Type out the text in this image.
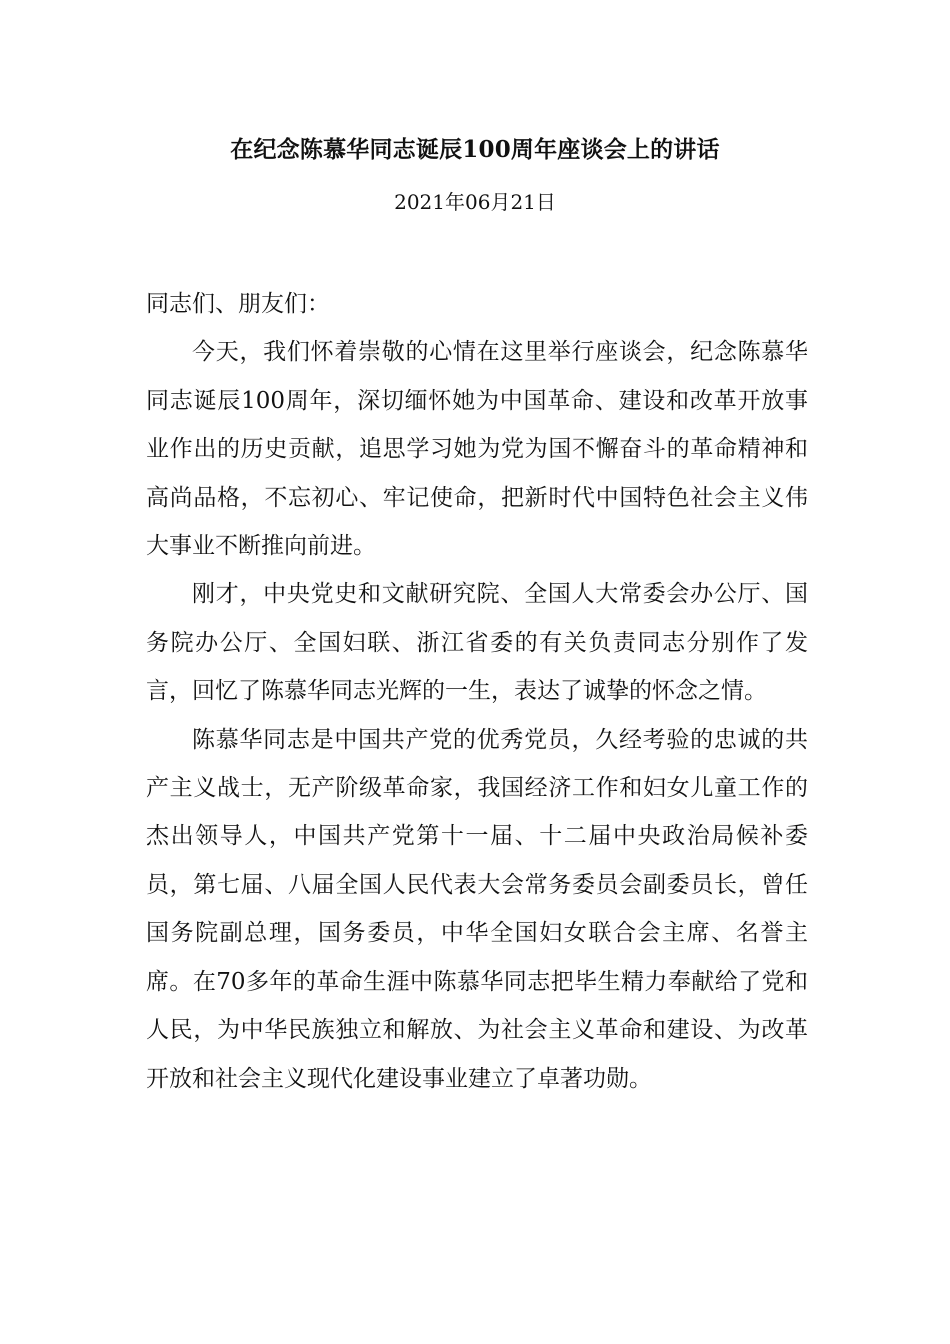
在纪念陈慕华同志诞辰100周年座谈会上的讲话
2021年06月21日

同志们、朋友们：

今天，我们怀着崇敬的心情在这里举行座谈会，纪念陈慕华同志诞辰100周年，深切缅怀她为中国革命、建设和改革开放事业作出的历史贡献，追思学习她为党为国不懈奋斗的革命精神和高尚品格，不忘初心、牢记使命，把新时代中国特色社会主义伟大事业不断推向前进。

刚才，中央党史和文献研究院、全国人大常委会办公厅、国务院办公厅、全国妇联、浙江省委的有关负责同志分别作了发言，回忆了陈慕华同志光辉的一生，表达了诚挚的怀念之情。

陈慕华同志是中国共产党的优秀党员，久经考验的忠诚的共产主义战士，无产阶级革命家，我国经济工作和妇女儿童工作的杰出领导人，中国共产党第十一届、十二届中央政治局候补委员，第七届、八届全国人民代表大会常务委员会副委员长，曾任国务院副总理，国务委员，中华全国妇女联合会主席、名誉主席。在70多年的革命生涯中陈慕华同志把毕生精力奉献给了党和人民，为中华民族独立和解放、为社会主义革命和建设、为改革开放和社会主义现代化建设事业建立了卓著功勋。
